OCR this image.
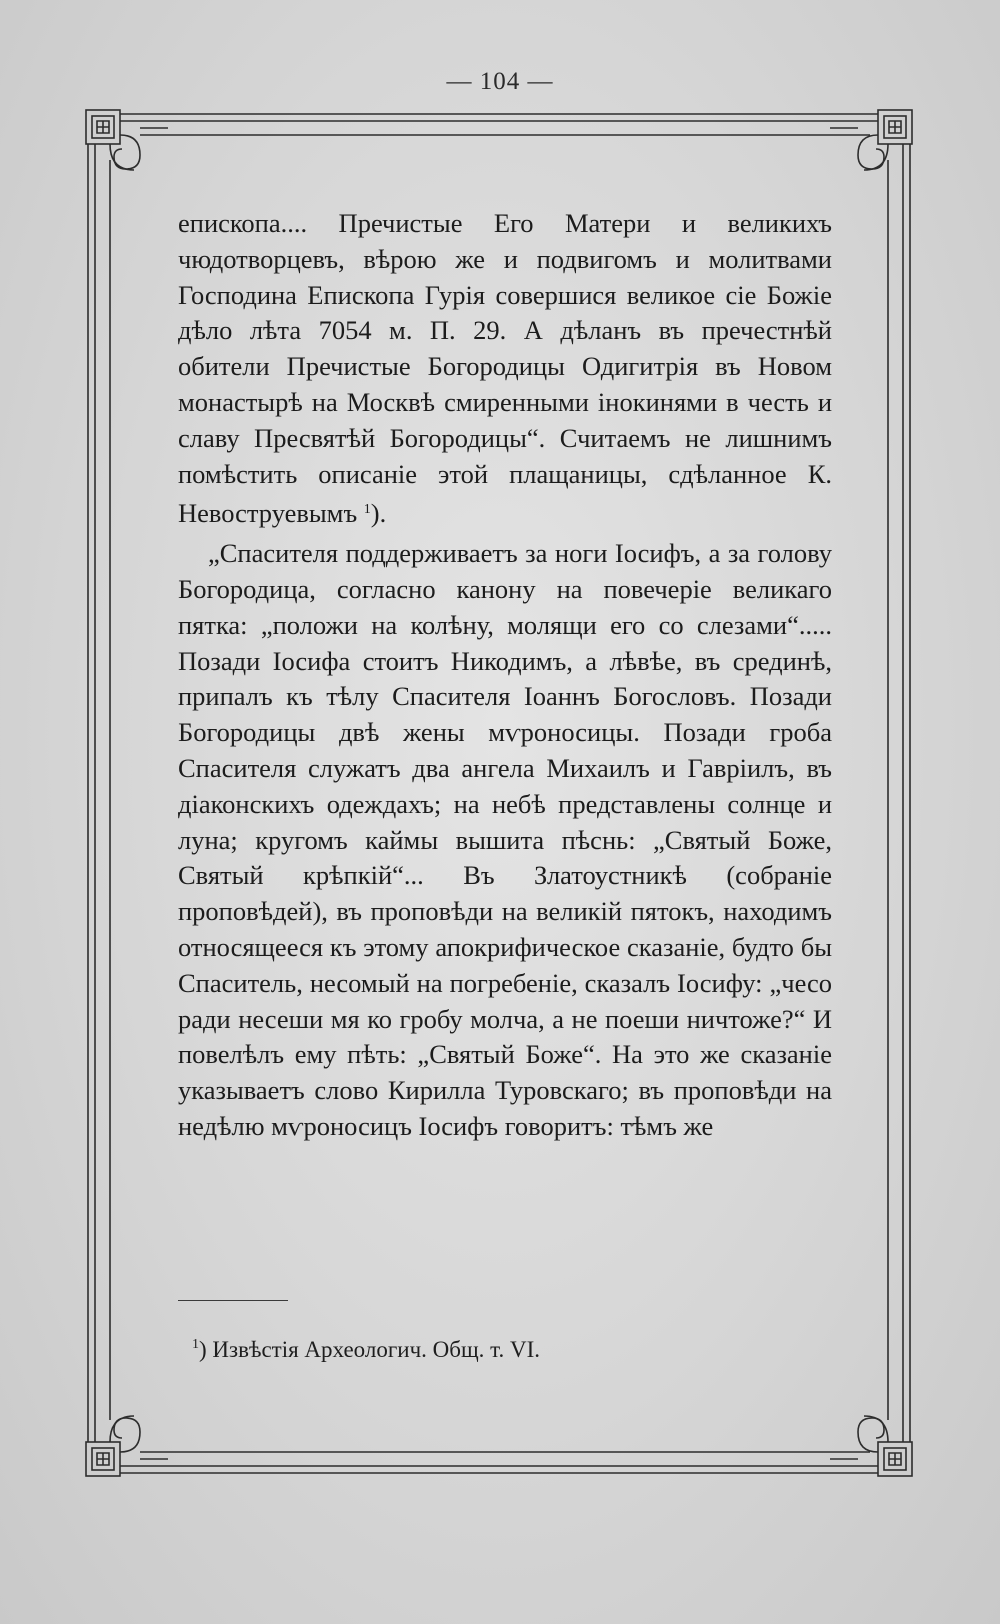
— 104 —

епископа.... Пречистые Его Матери и великихъ чюдотворцевъ, вѣрою же и подвигомъ и молитвами Господина Епископа Гурія совершися великое сіе Божіе дѣло лѣта 7054 м. П. 29. А дѣланъ въ пречестнѣй обители Пречистые Богородицы Одигитрія въ Новом монастырѣ на Москвѣ смиренными інокинями в честь и славу Пресвятѣй Богородицы“. Считаемъ не лишнимъ помѣстить описаніе этой плащаницы, сдѣланное К. Невоструевымъ $^1$).

„Спасителя поддерживаетъ за ноги Іосифъ, а за голову Богородица, согласно канону на повечеріе великаго пятка: „положи на колѣну, молящи его со слезами“..... Позади Іосифа стоитъ Никодимъ, а лѣвѣе, въ срединѣ, припалъ къ тѣлу Спасителя Іоаннъ Богословъ. Позади Богородицы двѣ жены мѵроносицы. Позади гроба Спасителя служатъ два ангела Михаилъ и Гавріилъ, въ діаконскихъ одеждахъ; на небѣ представлены солнце и луна; кругомъ каймы вышита пѣснь: „Святый Боже, Святый крѣпкій“... Въ Златоустникѣ (собраніе проповѣдей), въ проповѣди на великій пятокъ, находимъ относящееся къ этому апокрифическое сказаніе, будто бы Спаситель, несомый на погребеніе, сказалъ Іосифу: „чесо ради несеши мя ко гробу молча, а не поеши ничтоже?“ И повелѣлъ ему пѣть: „Святый Боже“. На это же сказаніе указываетъ слово Кирилла Туровскаго; въ проповѣди на недѣлю мѵроносицъ Іосифъ говоритъ: тѣмъ же

$^1$) Извѣстія Археологич. Общ. т. VI.
